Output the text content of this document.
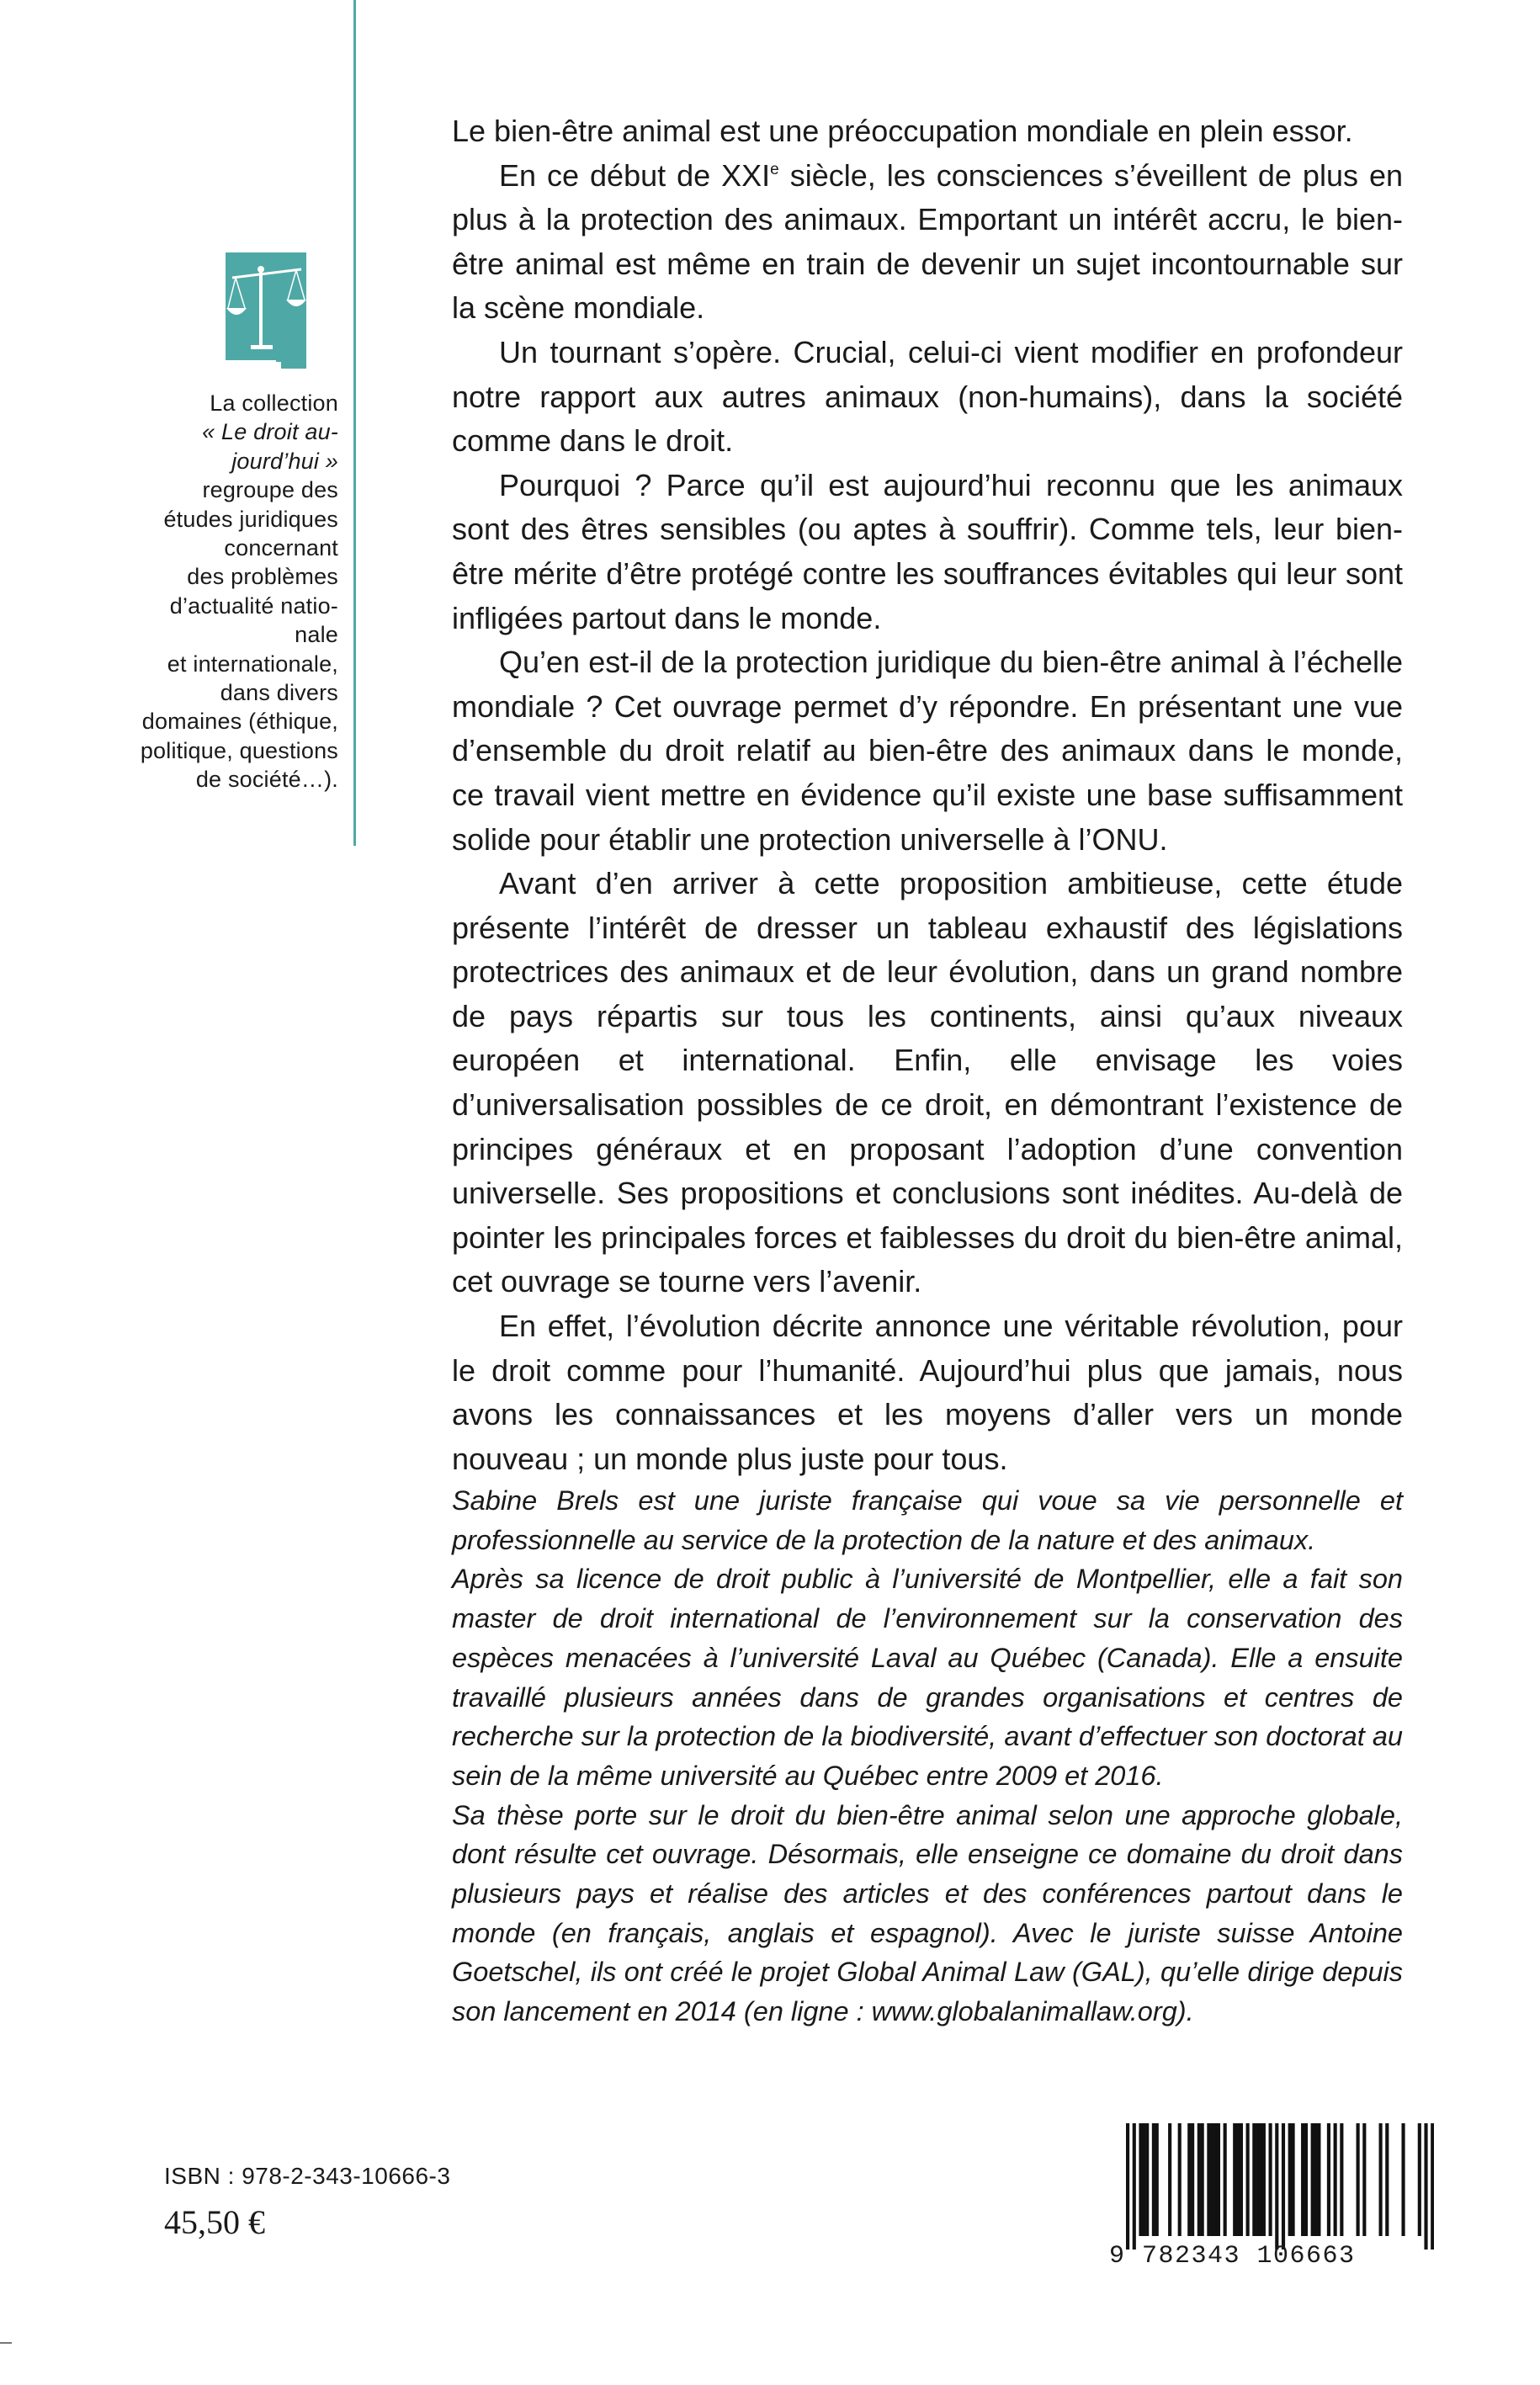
La collection
« Le droit au-
jourd’hui »
regroupe des
études juridiques
concernant
des problèmes
d’actualité natio-
nale
et internationale,
dans divers
domaines (éthique,
politique, questions
de société…).

Le bien-être animal est une préoccupation mondiale en plein essor.

En ce début de XXIe siècle, les consciences s’éveillent de plus en plus à la protection des animaux. Emportant un intérêt accru, le bien-être animal est même en train de devenir un sujet incontournable sur la scène mondiale.

Un tournant s’opère. Crucial, celui-ci vient modifier en profondeur notre rapport aux autres animaux (non-humains), dans la société comme dans le droit.

Pourquoi ? Parce qu’il est aujourd’hui reconnu que les animaux sont des êtres sensibles (ou aptes à souffrir). Comme tels, leur bien-être mérite d’être protégé contre les souffrances évitables qui leur sont infligées partout dans le monde.

Qu’en est-il de la protection juridique du bien-être animal à l’échelle mondiale ? Cet ouvrage permet d’y répondre. En présentant une vue d’ensemble du droit relatif au bien-être des animaux dans le monde, ce travail vient mettre en évidence qu’il existe une base suffisamment solide pour établir une protection universelle à l’ONU.

Avant d’en arriver à cette proposition ambitieuse, cette étude présente l’intérêt de dresser un tableau exhaustif des législations protectrices des animaux et de leur évolution, dans un grand nombre de pays répartis sur tous les continents, ainsi qu’aux niveaux européen et international. Enfin, elle envisage les voies d’universalisation possibles de ce droit, en démontrant l’existence de principes généraux et en proposant l’adoption d’une convention universelle. Ses propositions et conclusions sont inédites. Au-delà de pointer les principales forces et faiblesses du droit du bien-être animal, cet ouvrage se tourne vers l’avenir.

En effet, l’évolution décrite annonce une véritable révolution, pour le droit comme pour l’humanité. Aujourd’hui plus que jamais, nous avons les connaissances et les moyens d’aller vers un monde nouveau ; un monde plus juste pour tous.

Sabine Brels est une juriste française qui voue sa vie personnelle et professionnelle au service de la protection de la nature et des animaux.

Après sa licence de droit public à l’université de Montpellier, elle a fait son master de droit international de l’environnement sur la conservation des espèces menacées à l’université Laval au Québec (Canada). Elle a ensuite travaillé plusieurs années dans de grandes organisations et centres de recherche sur la protection de la biodiversité, avant d’effectuer son doctorat au sein de la même université au Québec entre 2009 et 2016.

Sa thèse porte sur le droit du bien-être animal selon une approche globale, dont résulte cet ouvrage. Désormais, elle enseigne ce domaine du droit dans plusieurs pays et réalise des articles et des conférences partout dans le monde (en français, anglais et espagnol). Avec le juriste suisse Antoine Goetschel, ils ont créé le projet Global Animal Law (GAL), qu’elle dirige depuis son lancement en 2014 (en ligne : www.globalanimallaw.org).

ISBN : 978-2-343-10666-3
45,50 €
9 782343 106663
